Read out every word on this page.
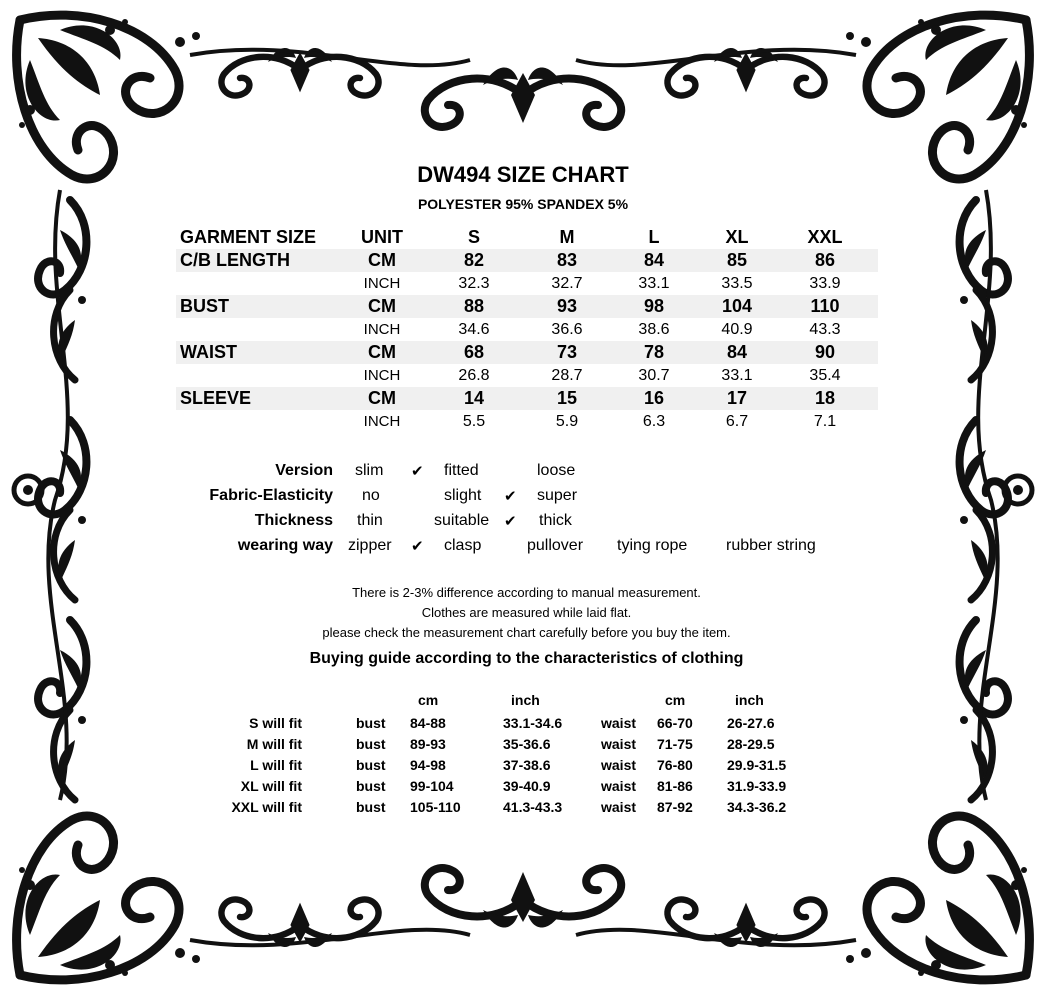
DW494 SIZE CHART
POLYESTER 95% SPANDEX 5%
GARMENT SIZE	UNIT	S	M	L	XL	XXL
C/B LENGTH	CM	82	83	84	85	86
INCH	32.3	32.7	33.1	33.5	33.9
BUST	CM	88	93	98	104	110
INCH	34.6	36.6	38.6	40.9	43.3
WAIST	CM	68	73	78	84	90
INCH	26.8	28.7	30.7	33.1	35.4
SLEEVE	CM	14	15	16	17	18
INCH	5.5	5.9	6.3	6.7	7.1
Version slim ✔ fitted	loose
Fabric-Elasticity no	slight ✔ super
Thickness thin	suitable ✔ thick
wearing way zipper ✔ clasp	pullover tying rope rubber string
There is 2-3% difference according to manual measurement.
Clothes are measured while laid flat.
please check the measurement chart carefully before you buy the item.
Buying guide according to the characteristics of clothing
cm	inch	cm	inch
S will fit	bust 84-88	33.1-34.6	waist 66-70 26-27.6
M will fit	bust 89-93	35-36.6	waist 71-75 28-29.5
L will fit	bust 94-98	37-38.6	waist 76-80 29.9-31.5
XL will fit	bust 99-104	39-40.9	waist 81-86 31.9-33.9
XXL will fit	bust 105-110	41.3-43.3	waist 87-92 34.3-36.2
